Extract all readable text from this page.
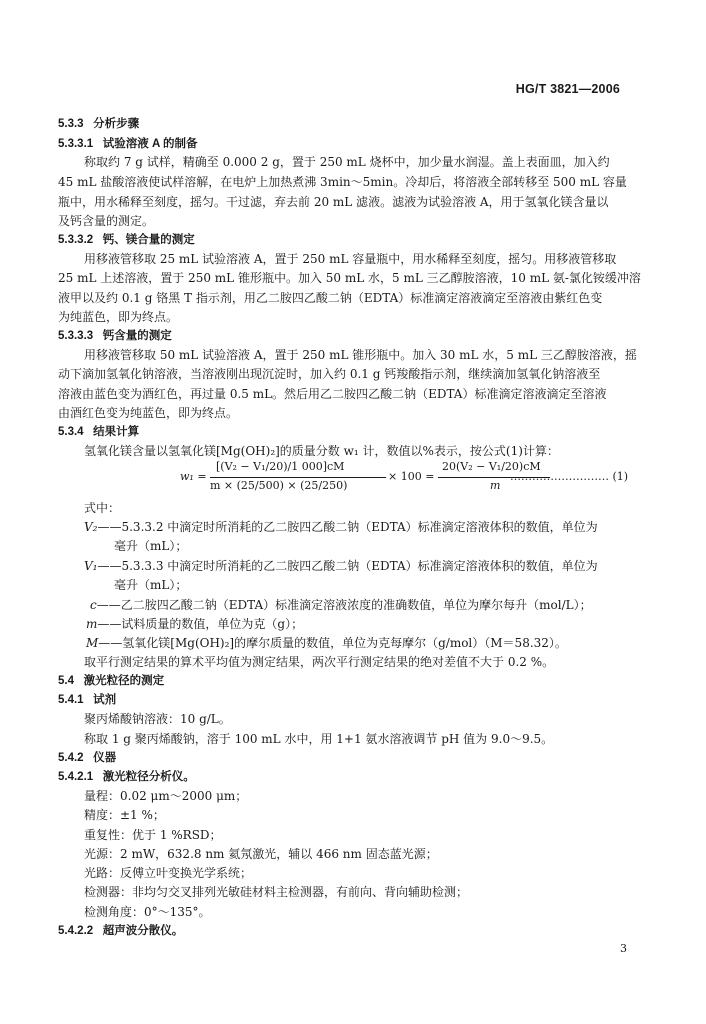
HG/T 3821—2006
5.3.3 分析步骤
5.3.3.1 试验溶液 A 的制备
称取约 7 g 试样，精确至 0.000 2 g，置于 250 mL 烧杯中，加少量水润湿。盖上表面皿，加入约
45 mL 盐酸溶液使试样溶解，在电炉上加热煮沸 3min～5min。冷却后，将溶液全部转移至 500 mL 容量
瓶中，用水稀释至刻度，摇匀。干过滤，弃去前 20 mL 滤液。滤液为试验溶液 A，用于氢氧化镁含量以
及钙含量的测定。
5.3.3.2 钙、镁合量的测定
用移液管移取 25 mL 试验溶液 A，置于 250 mL 容量瓶中，用水稀释至刻度，摇匀。用移液管移取
25 mL 上述溶液，置于 250 mL 锥形瓶中。加入 50 mL 水，5 mL 三乙醇胺溶液，10 mL 氨-氯化铵缓冲溶
液甲以及约 0.1 g 铬黑 T 指示剂，用乙二胺四乙酸二钠（EDTA）标准滴定溶液滴定至溶液由紫红色变
为纯蓝色，即为终点。
5.3.3.3 钙含量的测定
用移液管移取 50 mL 试验溶液 A，置于 250 mL 锥形瓶中。加入 30 mL 水，5 mL 三乙醇胺溶液，摇
动下滴加氢氧化钠溶液，当溶液刚出现沉淀时，加入约 0.1 g 钙羧酸指示剂，继续滴加氢氧化钠溶液至
溶液由蓝色变为酒红色，再过量 0.5 mL。然后用乙二胺四乙酸二钠（EDTA）标准滴定溶液滴定至溶液
由酒红色变为纯蓝色，即为终点。
5.3.4 结果计算
氢氧化镁含量以氢氧化镁[Mg(OH)₂]的质量分数 w₁ 计，数值以%表示，按公式(1)计算：
w₁ =
[(V₂ − V₁/20)/1 000]cM
m × (25/500) × (25/250)
× 100 =
20(V₂ − V₁/20)cM
m
……………………… (1)
式中：
V₂——5.3.3.2 中滴定时所消耗的乙二胺四乙酸二钠（EDTA）标准滴定溶液体积的数值，单位为
毫升（mL）；
V₁——5.3.3.3 中滴定时所消耗的乙二胺四乙酸二钠（EDTA）标准滴定溶液体积的数值，单位为
毫升（mL）；
c——乙二胺四乙酸二钠（EDTA）标准滴定溶液浓度的准确数值，单位为摩尔每升（mol/L）；
m——试料质量的数值，单位为克（g）；
M——氢氧化镁[Mg(OH)₂]的摩尔质量的数值，单位为克每摩尔（g/mol）（M＝58.32）。
取平行测定结果的算术平均值为测定结果，两次平行测定结果的绝对差值不大于 0.2 %。
5.4 激光粒径的测定
5.4.1 试剂
聚丙烯酸钠溶液：10 g/L。
称取 1 g 聚丙烯酸钠，溶于 100 mL 水中，用 1+1 氨水溶液调节 pH 值为 9.0～9.5。
5.4.2 仪器
5.4.2.1 激光粒径分析仪。
量程：0.02 μm～2000 μm；
精度：±1 %；
重复性：优于 1 %RSD；
光源：2 mW，632.8 nm 氦氖激光，辅以 466 nm 固态蓝光源；
光路：反傅立叶变换光学系统；
检测器：非均匀交叉排列光敏硅材料主检测器，有前向、背向辅助检测；
检测角度：0°～135°。
5.4.2.2 超声波分散仪。
3
